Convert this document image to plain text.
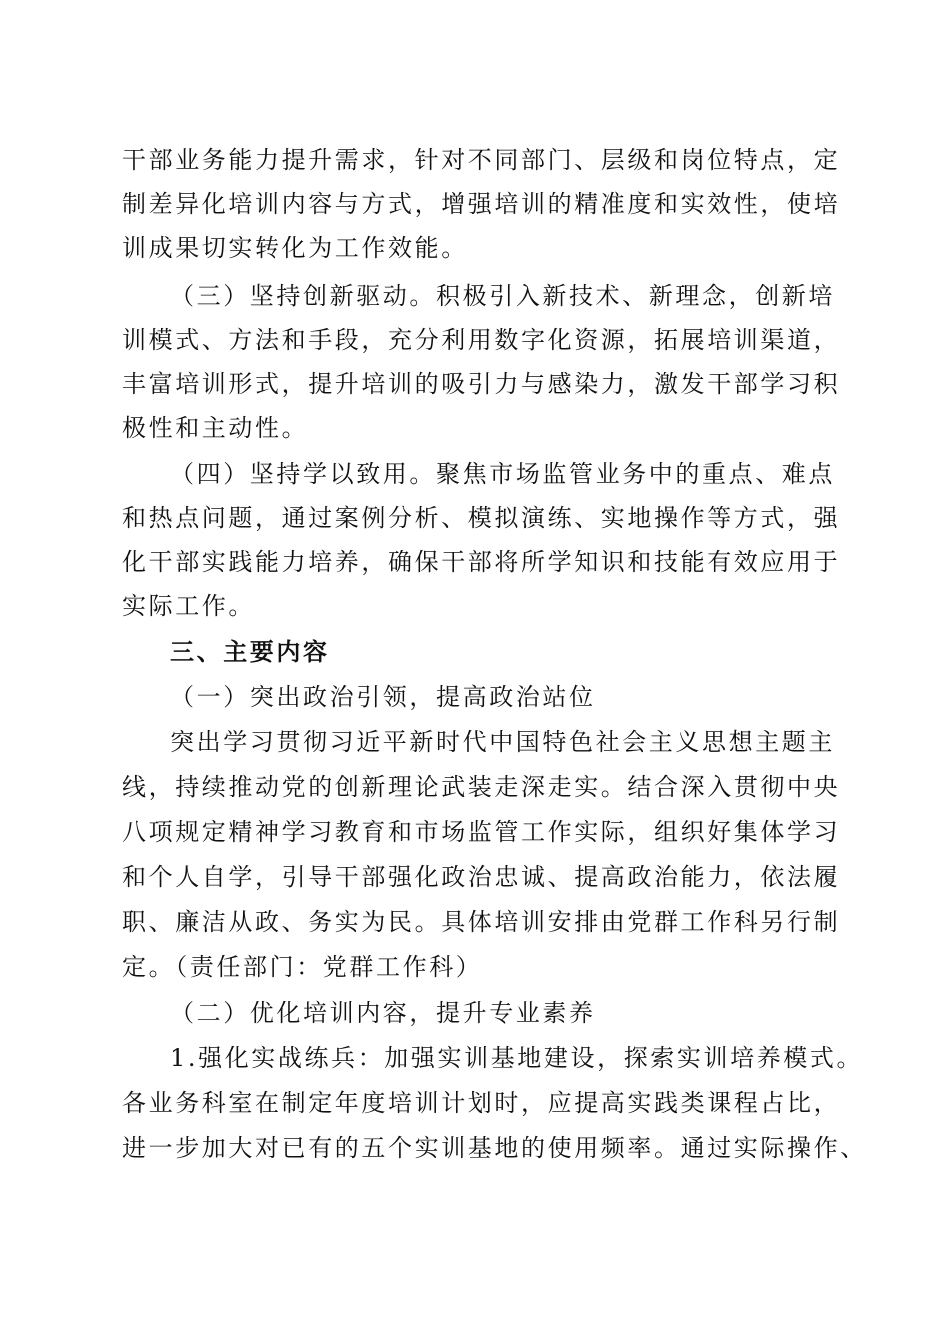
干部业务能力提升需求，针对不同部门、层级和岗位特点，定
制差异化培训内容与方式，增强培训的精准度和实效性，使培
训成果切实转化为工作效能。
（三）坚持创新驱动。积极引入新技术、新理念，创新培
训模式、方法和手段，充分利用数字化资源，拓展培训渠道，
丰富培训形式，提升培训的吸引力与感染力，激发干部学习积
极性和主动性。
（四）坚持学以致用。聚焦市场监管业务中的重点、难点
和热点问题，通过案例分析、模拟演练、实地操作等方式，强
化干部实践能力培养，确保干部将所学知识和技能有效应用于
实际工作。
三、主要内容
（一）突出政治引领，提高政治站位
突出学习贯彻习近平新时代中国特色社会主义思想主题主
线，持续推动党的创新理论武装走深走实。结合深入贯彻中央
八项规定精神学习教育和市场监管工作实际，组织好集体学习
和个人自学，引导干部强化政治忠诚、提高政治能力，依法履
职、廉洁从政、务实为民。具体培训安排由党群工作科另行制
定。（责任部门：党群工作科）
（二）优化培训内容，提升专业素养
1.强化实战练兵：加强实训基地建设，探索实训培养模式。
各业务科室在制定年度培训计划时，应提高实践类课程占比，
进一步加大对已有的五个实训基地的使用频率。通过实际操作、
